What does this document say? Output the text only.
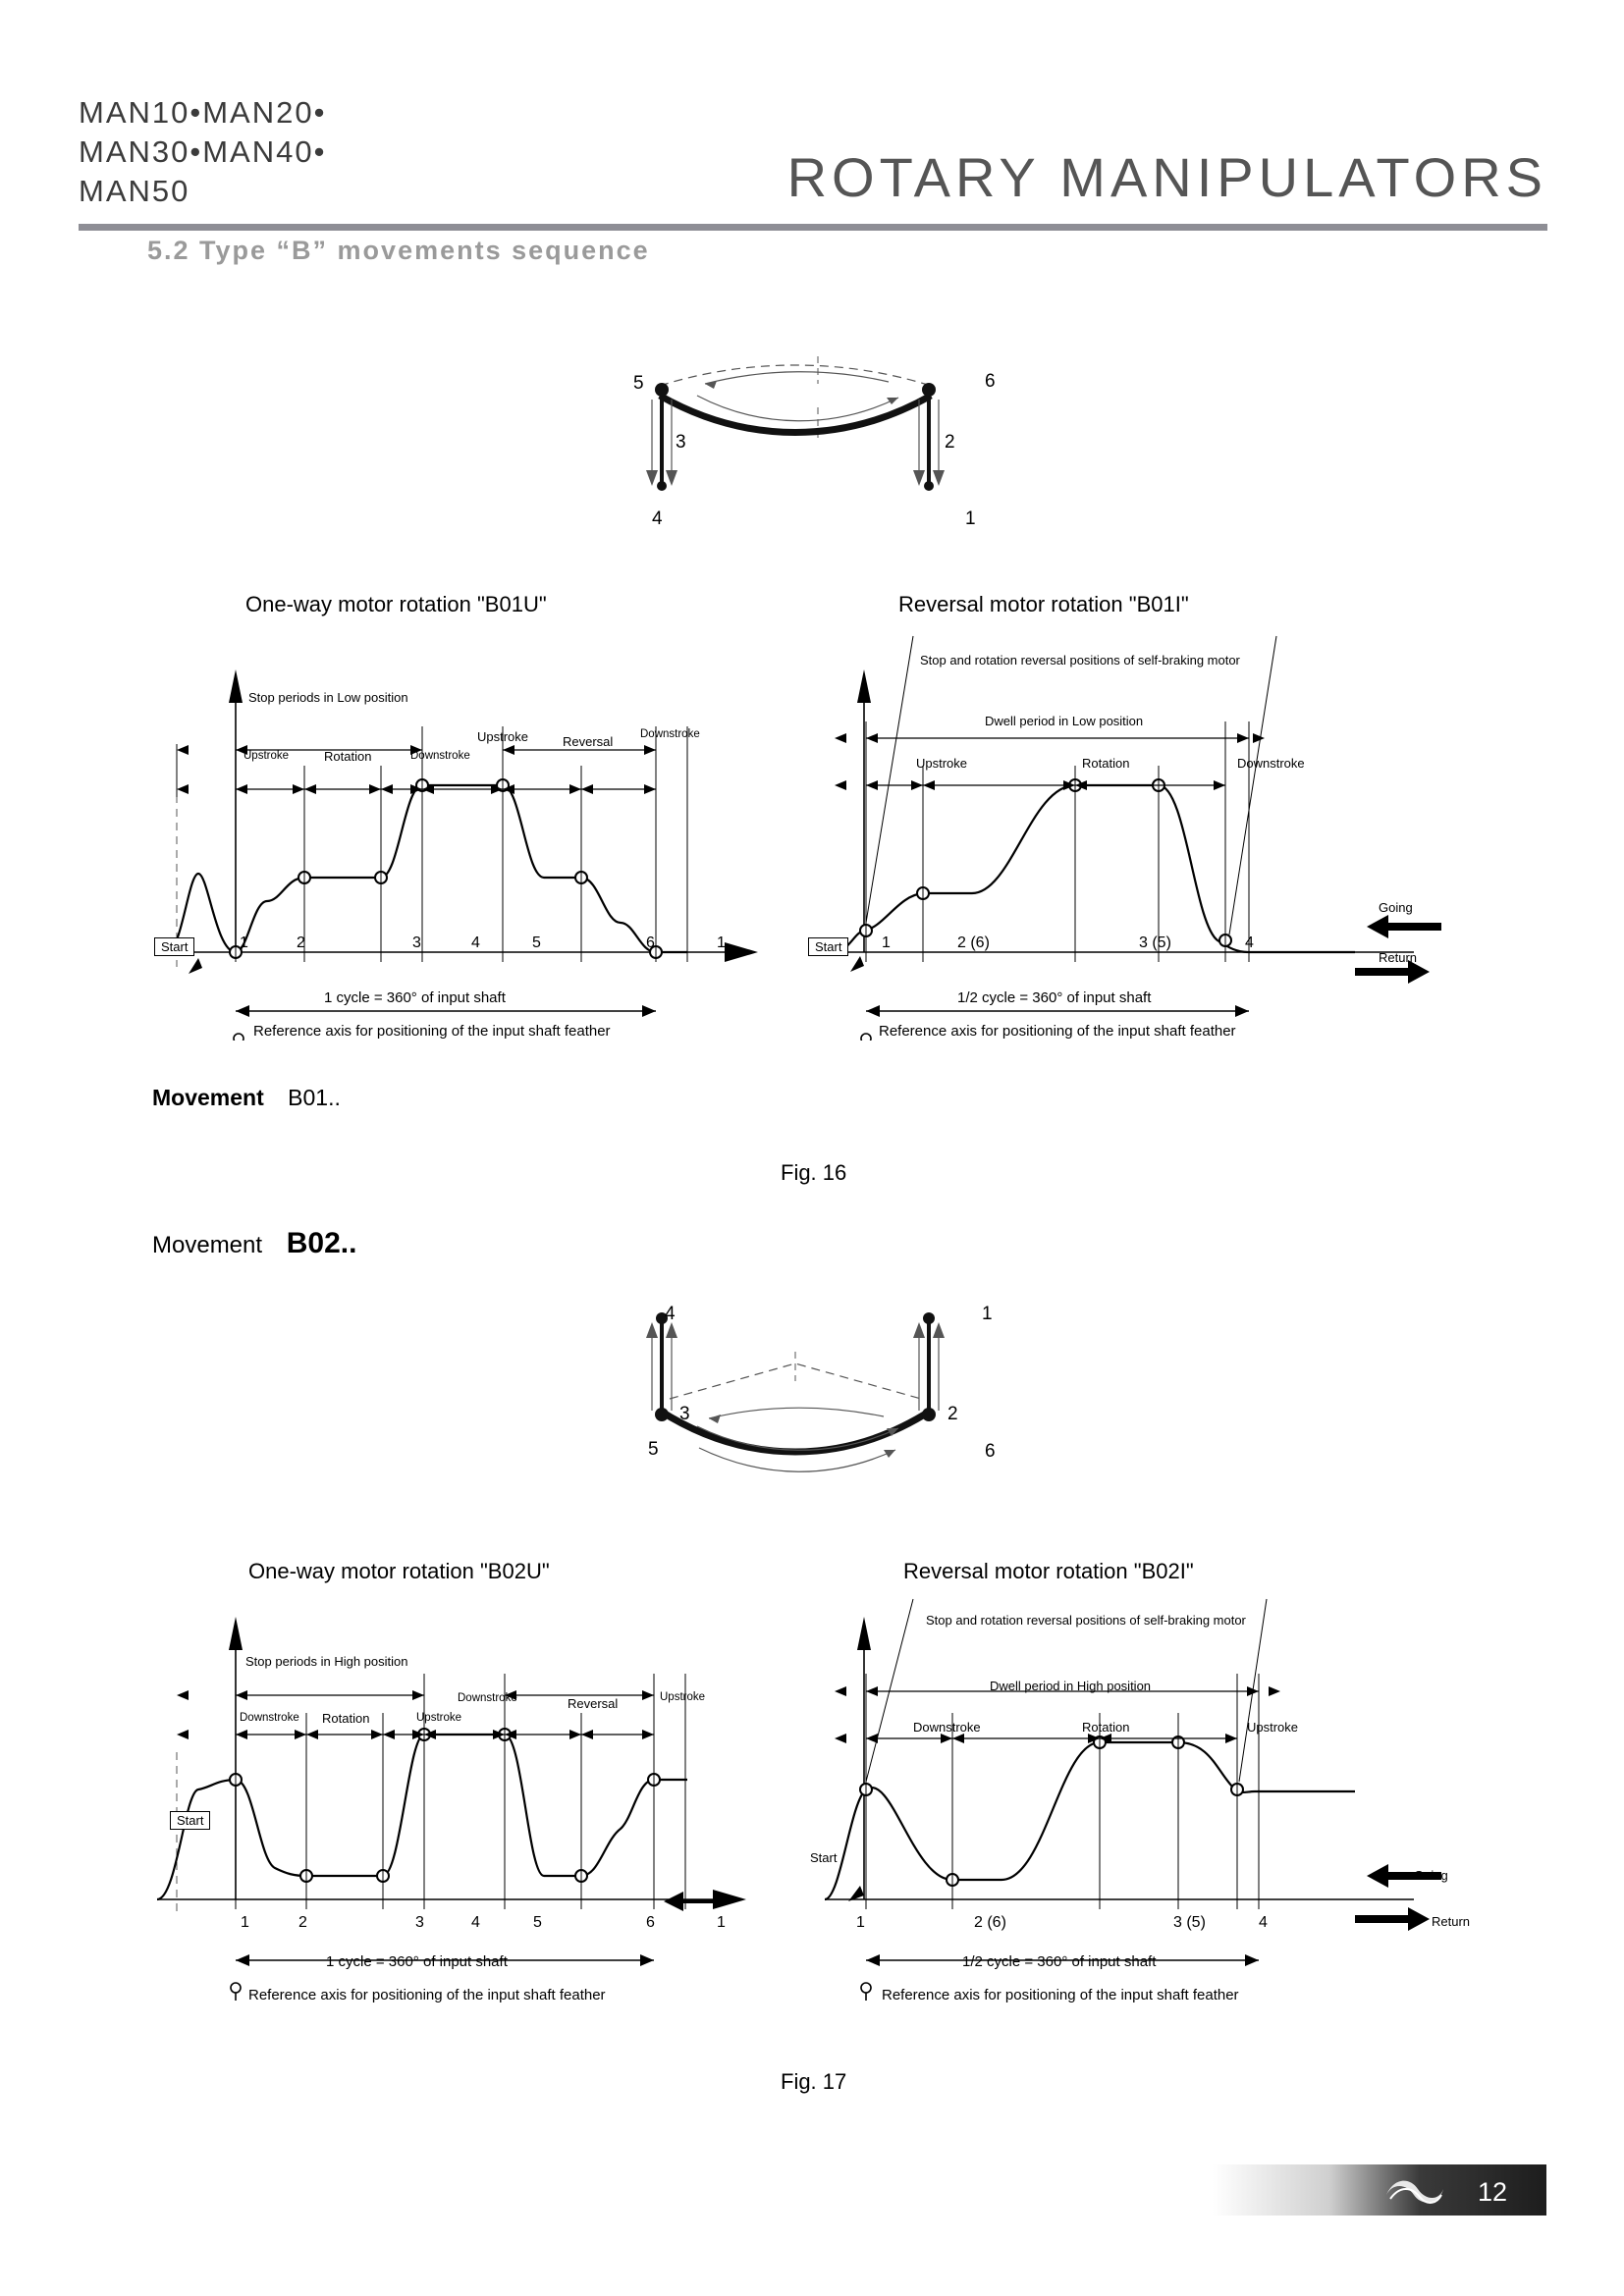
MAN10•MAN20•
MAN30•MAN40•
MAN50	ROTARY MANIPULATORS
5.2 Type “B” movements sequence
5	6
3	2
4	1
One-way motor rotation "B01U"
Stop periods in Low position
Upstroke	Reversal Downstroke
Upstroke	Rotation	Downstroke
Start	1	2	3	4	5	6	1
1 cycle = 360° of input shaft
Reference axis for positioning of the input shaft feather
Reversal motor rotation "B01I"
Stop and rotation reversal positions of self-braking motor
Dwell period in Low position
Upstroke	Rotation	Downstroke
Start	1	2 (6)	3 (5)	4
1/2 cycle = 360° of input shaft
Reference axis for positioning of the input shaft feather
Going
Return
Movement B01..
Fig. 16
Movement B02..
4	1
3	2
5	6
One-way motor rotation "B02U"
Stop periods in High position
Downstroke	Reversal	Upstroke
Downstroke Rotation	Upstroke
Start
1	2	3	4	5	6	1
1 cycle = 360° of input shaft
Reference axis for positioning of the input shaft feather
Reversal motor rotation "B02I"
Stop and rotation reversal positions of self-braking motor
Dwell period in High position
Downstroke	Rotation	Upstroke
Start
1	2 (6)	3 (5)	4
1/2 cycle = 360° of input shaft
Reference axis for positioning of the input shaft feather
Going
Return
Fig. 17
12
